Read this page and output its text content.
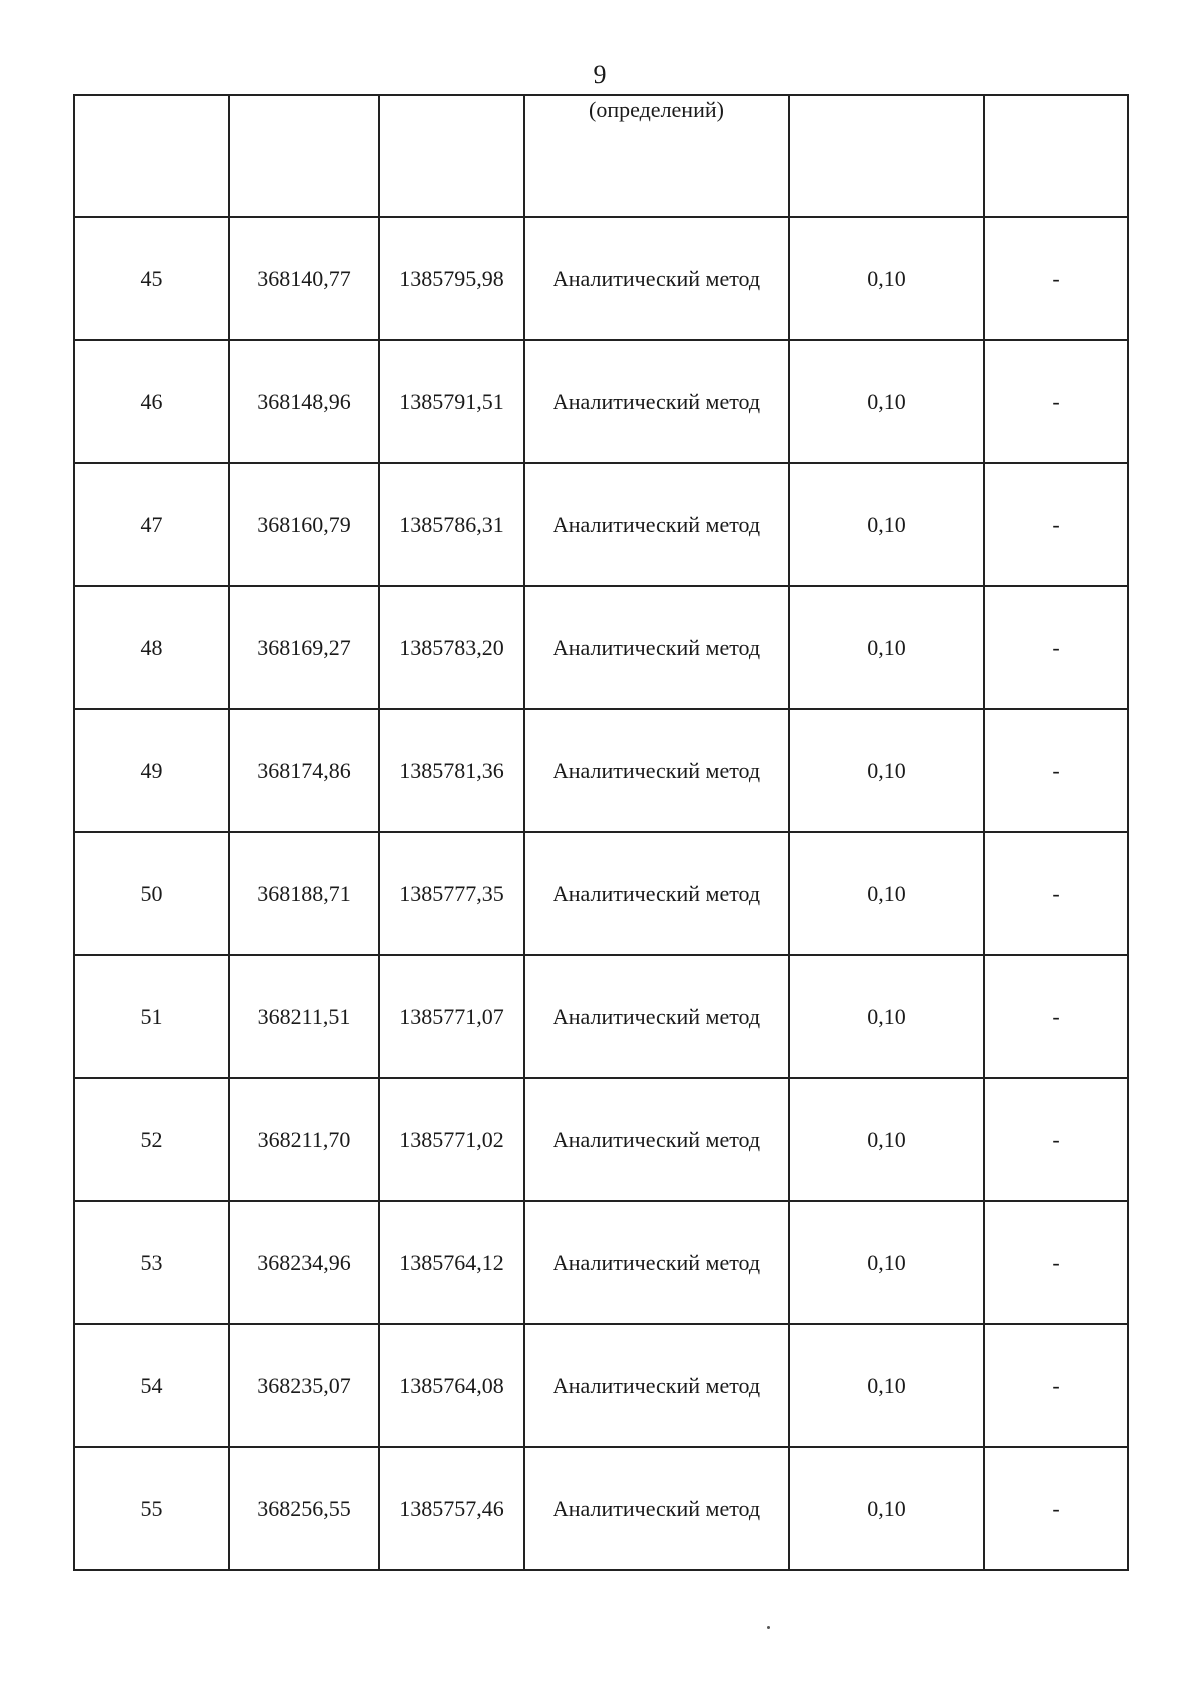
9

			(определений)		

45	368140,77	1385795,98	Аналитический метод	0,10	-
46	368148,96	1385791,51	Аналитический метод	0,10	-
47	368160,79	1385786,31	Аналитический метод	0,10	-
48	368169,27	1385783,20	Аналитический метод	0,10	-
49	368174,86	1385781,36	Аналитический метод	0,10	-
50	368188,71	1385777,35	Аналитический метод	0,10	-
51	368211,51	1385771,07	Аналитический метод	0,10	-
52	368211,70	1385771,02	Аналитический метод	0,10	-
53	368234,96	1385764,12	Аналитический метод	0,10	-
54	368235,07	1385764,08	Аналитический метод	0,10	-
55	368256,55	1385757,46	Аналитический метод	0,10	-
